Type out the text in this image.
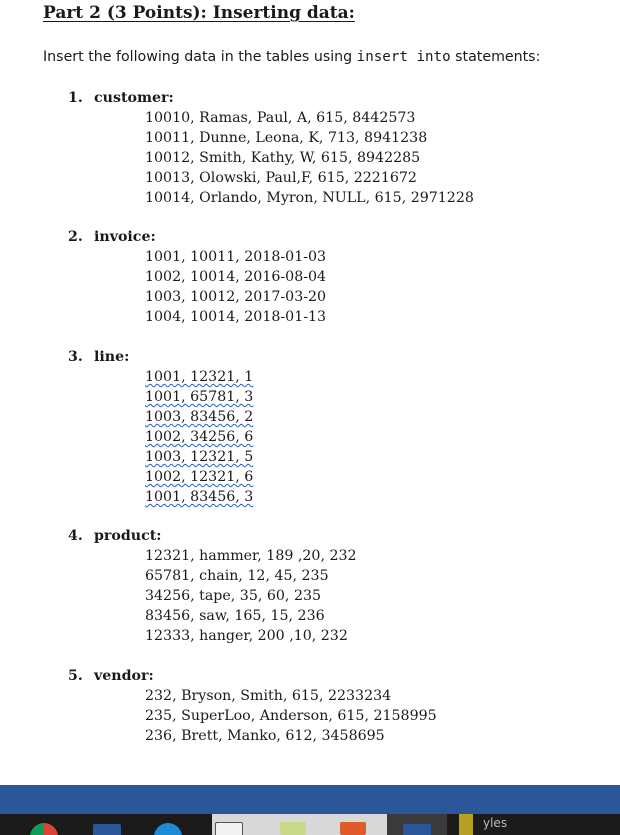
Part 2 (3 Points): Inserting data:
Insert the following data in the tables using insert into statements:
1. customer:
10010, Ramas, Paul, A, 615, 8442573
10011, Dunne, Leona, K, 713, 8941238
10012, Smith, Kathy, W, 615, 8942285
10013, Olowski, Paul,F, 615, 2221672
10014, Orlando, Myron, NULL, 615, 2971228
2. invoice:
1001, 10011, 2018-01-03
1002, 10014, 2016-08-04
1003, 10012, 2017-03-20
1004, 10014, 2018-01-13
3. line:
1001, 12321, 1
1001, 65781, 3
1003, 83456, 2
1002, 34256, 6
1003, 12321, 5
1002, 12321, 6
1001, 83456, 3
4. product:
12321, hammer, 189 ,20, 232
65781, chain, 12, 45, 235
34256, tape, 35, 60, 235
83456, saw, 165, 15, 236
12333, hanger, 200 ,10, 232
5. vendor:
232, Bryson, Smith, 615, 2233234
235, SuperLoo, Anderson, 615, 2158995
236, Brett, Manko, 612, 3458695
yles
